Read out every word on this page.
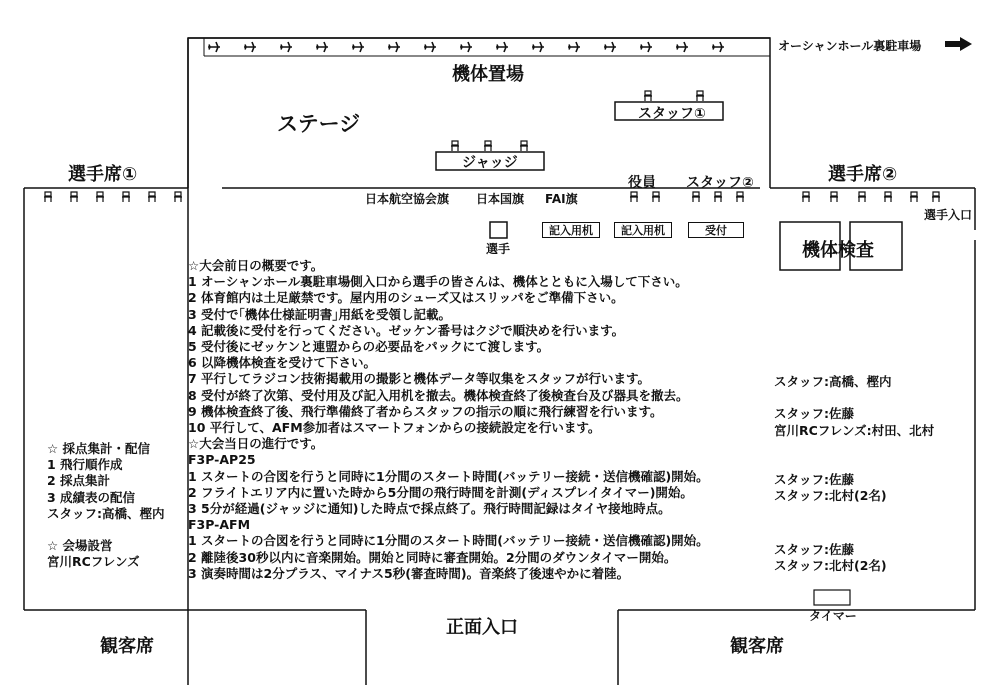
オーシャンホール裏駐車場
機体置場
ステージ	スタッフ①
ジャッジ
選手席①	選手席②
役員 スタッフ②
日本航空協会旗 日本国旗 FAI旗
選手
記入用机	記入用机	受付
機体検査
選手入口
観客席	観客席
正面入口
タイマー
☆大会前日の概要です。
1 オーシャンホール裏駐車場側入口から選手の皆さんは、機体とともに入場して下さい。
2 体育館内は土足厳禁です。屋内用のシューズ又はスリッパをご準備下さい。
3 受付で｢機体仕様証明書｣用紙を受領し記載。
4 記載後に受付を行ってください。ゼッケン番号はクジで順決めを行います。
5 受付後にゼッケンと連盟からの必要品をパックにて渡します。
6 以降機体検査を受けて下さい。
7 平行してラジコン技術掲載用の撮影と機体データ等収集をスタッフが行います。
8 受付が終了次第、受付用及び記入用机を撤去。機体検査終了後検査台及び器具を撤去。
9 機体検査終了後、飛行準備終了者からスタッフの指示の順に飛行練習を行います。
10 平行して、AFM参加者はスマートフォンからの接続設定を行います。
☆大会当日の進行です。
F3P-AP25
1 スタートの合図を行うと同時に1分間のスタート時間(バッテリー接続・送信機確認)開始。
2 フライトエリア内に置いた時から5分間の飛行時間を計測(ディスプレイタイマー)開始。
3 5分が経過(ジャッジに通知)した時点で採点終了。飛行時間記録はタイヤ接地時点。
F3P-AFM
1 スタートの合図を行うと同時に1分間のスタート時間(バッテリー接続・送信機確認)開始。
2 離陸後30秒以内に音楽開始。開始と同時に審査開始。2分間のダウンタイマー開始。
3 演奏時間は2分プラス、マイナス5秒(審査時間)。音楽終了後速やかに着陸。
☆ 採点集計・配信
1 飛行順作成
2 採点集計
3 成績表の配信
スタッフ:高橋、樫内

☆ 会場設営
宮川RCフレンズ
スタッフ:高橋、樫内
スタッフ:佐藤
宮川RCフレンズ:村田、北村
スタッフ:佐藤
スタッフ:北村(2名)
スタッフ:佐藤
スタッフ:北村(2名)
